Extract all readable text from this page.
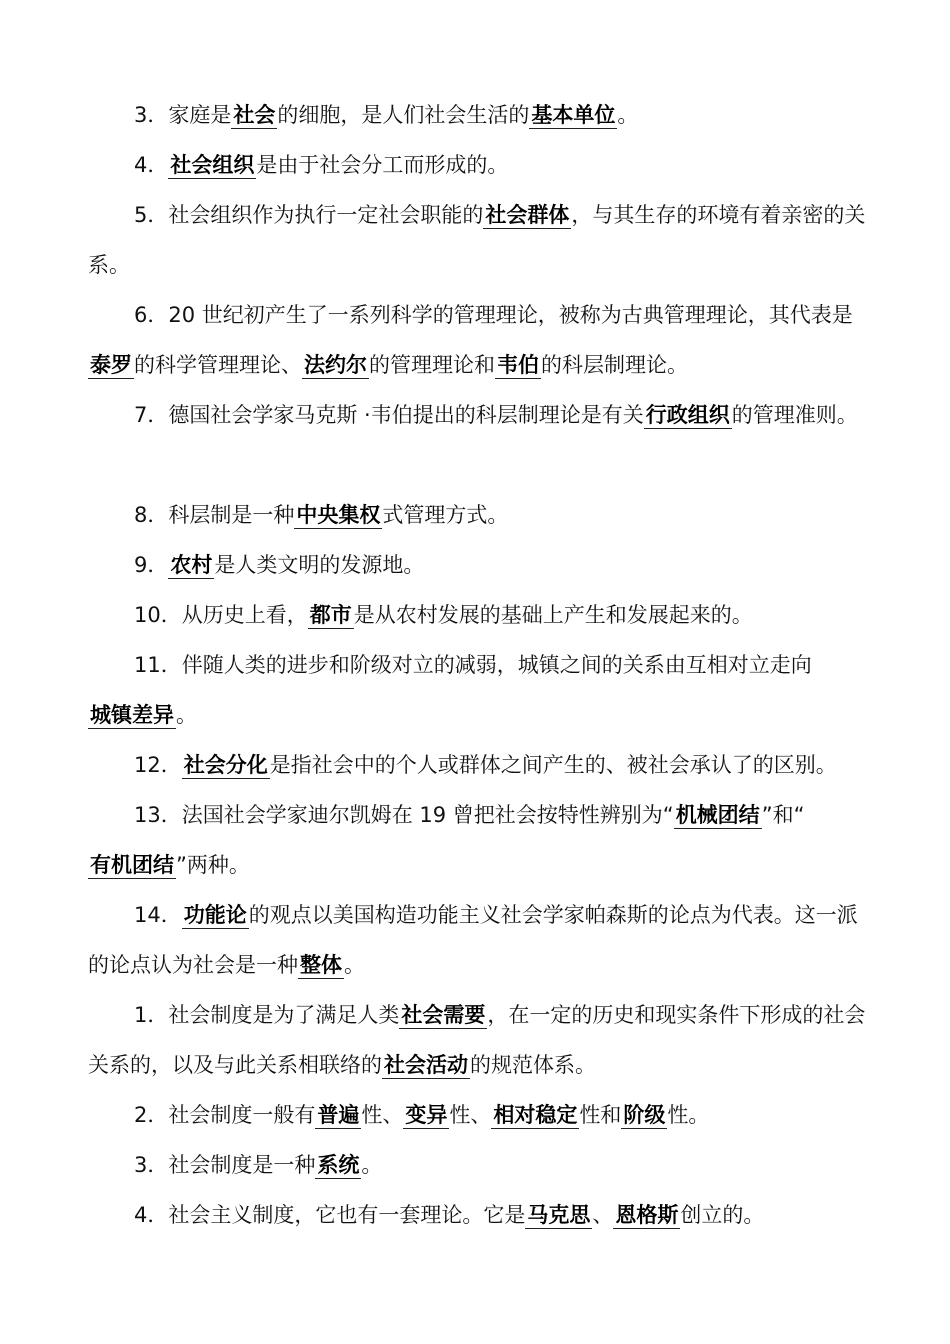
3．家庭是社会的细胞，是人们社会生活的基本单位。

4．社会组织是由于社会分工而形成的。

5．社会组织作为执行一定社会职能的社会群体，与其生存的环境有着亲密的关系。

6．20 世纪初产生了一系列科学的管理理论，被称为古典管理理论，其代表是泰罗的科学管理理论、法约尔的管理理论和韦伯的科层制理论。

7．德国社会学家马克斯 ·韦伯提出的科层制理论是有关行政组织的管理准则。

8．科层制是一种中央集权式管理方式。

9．农村是人类文明的发源地。

10．从历史上看，都市是从农村发展的基础上产生和发展起来的。

11．伴随人类的进步和阶级对立的减弱，城镇之间的关系由互相对立走向城镇差异。

12．社会分化是指社会中的个人或群体之间产生的、被社会承认了的区别。

13．法国社会学家迪尔凯姆在 19 曾把社会按特性辨别为“机械团结”和“有机团结”两种。

14．功能论的观点以美国构造功能主义社会学家帕森斯的论点为代表。这一派的论点认为社会是一种整体。

1．社会制度是为了满足人类社会需要，在一定的历史和现实条件下形成的社会关系的，以及与此关系相联络的社会活动的规范体系。

2．社会制度一般有普遍性、变异性、相对稳定性和阶级性。

3．社会制度是一种系统。

4．社会主义制度，它也有一套理论。它是马克思、恩格斯创立的。
